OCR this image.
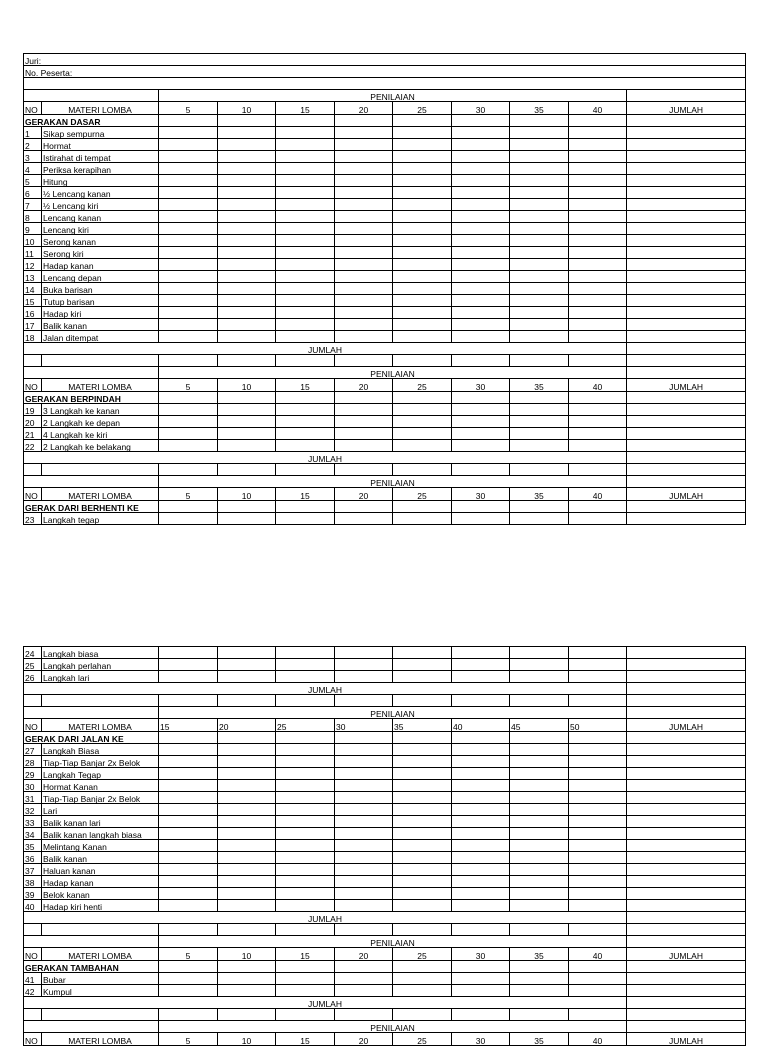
Juri:										
No. Peserta:										

		PENILAIAN								
NO	MATERI LOMBA	5	10	15	20	25	30	35	40	JUMLAH
GERAKAN DASAR										
1	Sikap sempurna									
2	Hormat									
3	Istirahat di tempat									
4	Periksa kerapihan									
5	Hitung									
6	½ Lencang kanan									
7	½ Lencang kiri									
8	Lencang kanan									
9	Lencang kiri									
10	Serong kanan									
11	Serong kiri									
12	Hadap kanan									
13	Lencang depan									
14	Buka barisan									
15	Tutup barisan									
16	Hadap kiri									
17	Balik kanan									
18	Jalan ditempat									
JUMLAH										

		PENILAIAN								
NO	MATERI LOMBA	5	10	15	20	25	30	35	40	JUMLAH
GERAKAN BERPINDAH										
19	3 Langkah ke kanan									
20	2 Langkah ke depan									
21	4 Langkah ke kiri									
22	2 Langkah ke belakang									
JUMLAH										

		PENILAIAN								
NO	MATERI LOMBA	5	10	15	20	25	30	35	40	JUMLAH
GERAK DARI BERHENTI KE										
23	Langkah tegap									
24	Langkah biasa									
25	Langkah perlahan									
26	Langkah lari									
JUMLAH										

		PENILAIAN								
NO	MATERI LOMBA	15	20	25	30	35	40	45	50	JUMLAH
GERAK DARI JALAN KE										
27	Langkah Biasa									
28	Tiap-Tiap Banjar 2x Belok									
29	Langkah Tegap									
30	Hormat Kanan									
31	Tiap-Tiap Banjar 2x Belok									
32	Lari									
33	Balik kanan lari									
34	Balik kanan langkah biasa									
35	Melintang Kanan									
36	Balik kanan									
37	Haluan kanan									
38	Hadap kanan									
39	Belok kanan									
40	Hadap kiri henti									
JUMLAH										

		PENILAIAN								
NO	MATERI LOMBA	5	10	15	20	25	30	35	40	JUMLAH
GERAKAN TAMBAHAN										
41	Bubar									
42	Kumpul									
JUMLAH										

		PENILAIAN								
NO	MATERI LOMBA	5	10	15	20	25	30	35	40	JUMLAH
